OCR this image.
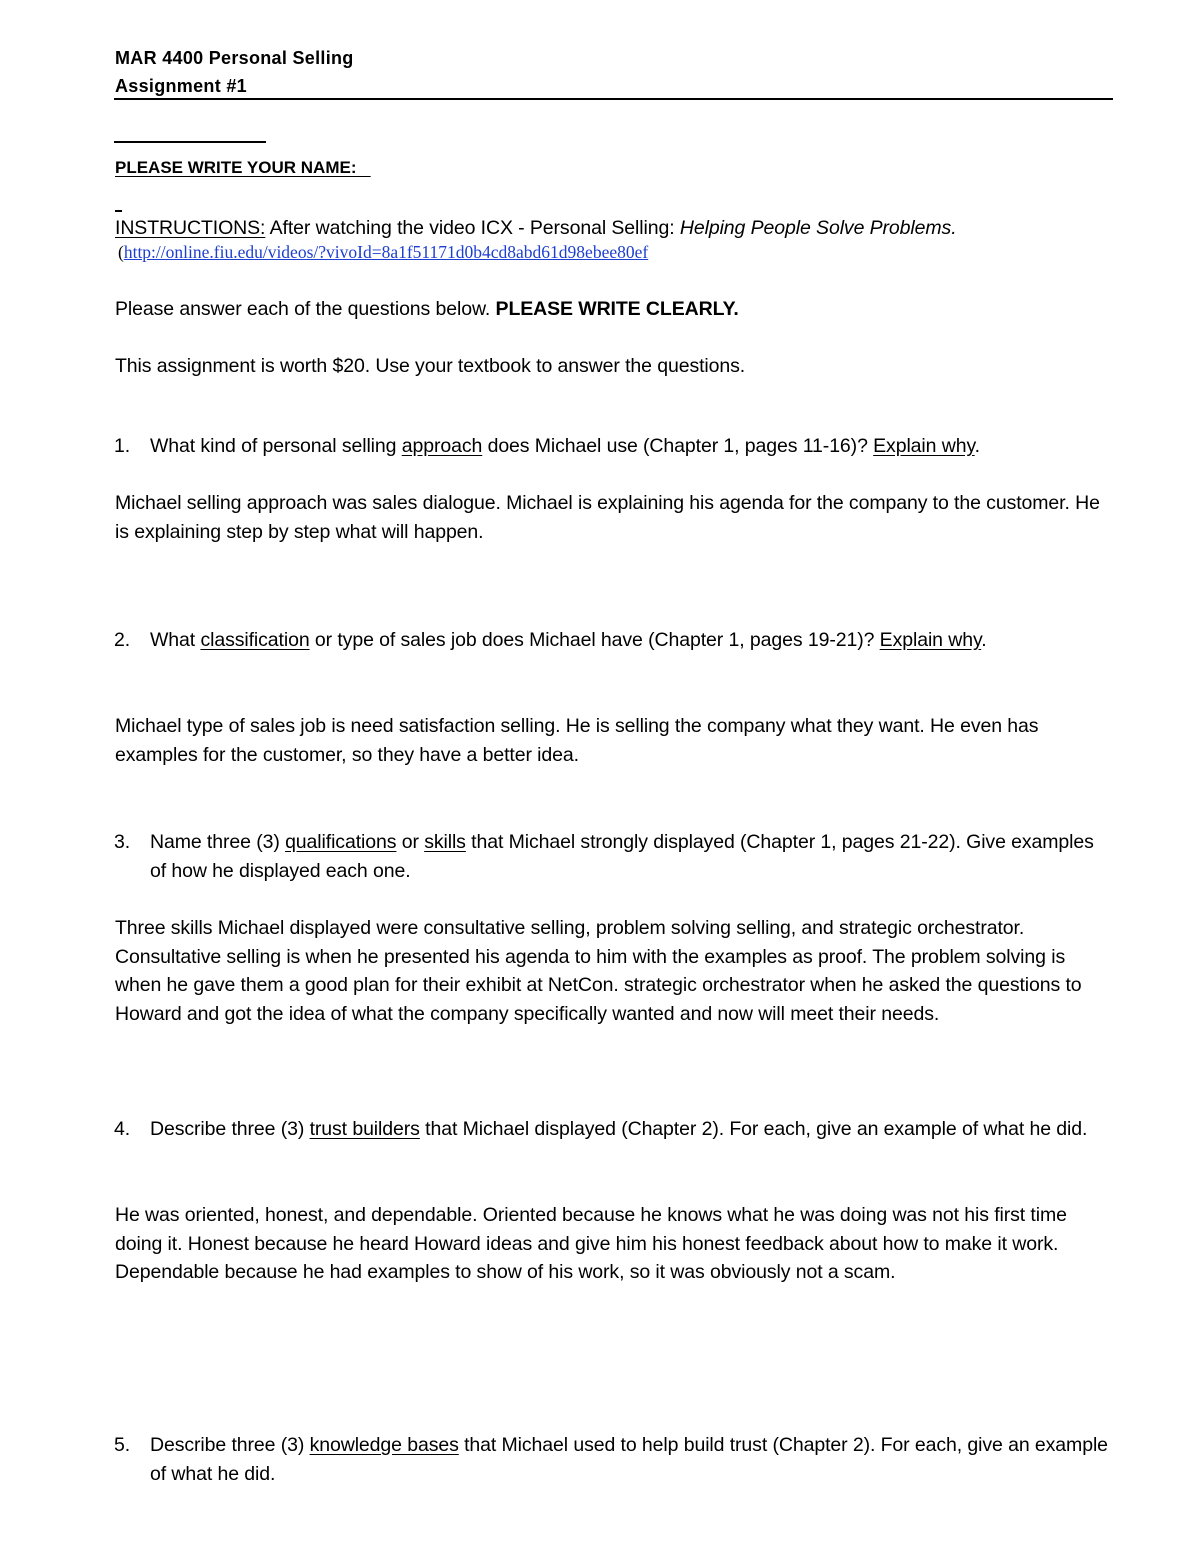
MAR 4400 Personal Selling
Assignment #1
PLEASE WRITE YOUR NAME:
INSTRUCTIONS: After watching the video ICX - Personal Selling: Helping People Solve Problems.
(http://online.fiu.edu/videos/?vivoId=8a1f51171d0b4cd8abd61d98ebee80ef
Please answer each of the questions below. PLEASE WRITE CLEARLY.
This assignment is worth $20. Use your textbook to answer the questions.
1. What kind of personal selling approach does Michael use (Chapter 1, pages 11-16)? Explain why.
Michael selling approach was sales dialogue. Michael is explaining his agenda for the company to the customer. He is explaining step by step what will happen.
2. What classification or type of sales job does Michael have (Chapter 1, pages 19-21)? Explain why.
Michael type of sales job is need satisfaction selling. He is selling the company what they want. He even has examples for the customer, so they have a better idea.
3. Name three (3) qualifications or skills that Michael strongly displayed (Chapter 1, pages 21-22). Give examples of how he displayed each one.
Three skills Michael displayed were consultative selling, problem solving selling, and strategic orchestrator. Consultative selling is when he presented his agenda to him with the examples as proof. The problem solving is when he gave them a good plan for their exhibit at NetCon. strategic orchestrator when he asked the questions to Howard and got the idea of what the company specifically wanted and now will meet their needs.
4. Describe three (3) trust builders that Michael displayed (Chapter 2). For each, give an example of what he did.
He was oriented, honest, and dependable. Oriented because he knows what he was doing was not his first time doing it. Honest because he heard Howard ideas and give him his honest feedback about how to make it work. Dependable because he had examples to show of his work, so it was obviously not a scam.
5. Describe three (3) knowledge bases that Michael used to help build trust (Chapter 2). For each, give an example of what he did.
